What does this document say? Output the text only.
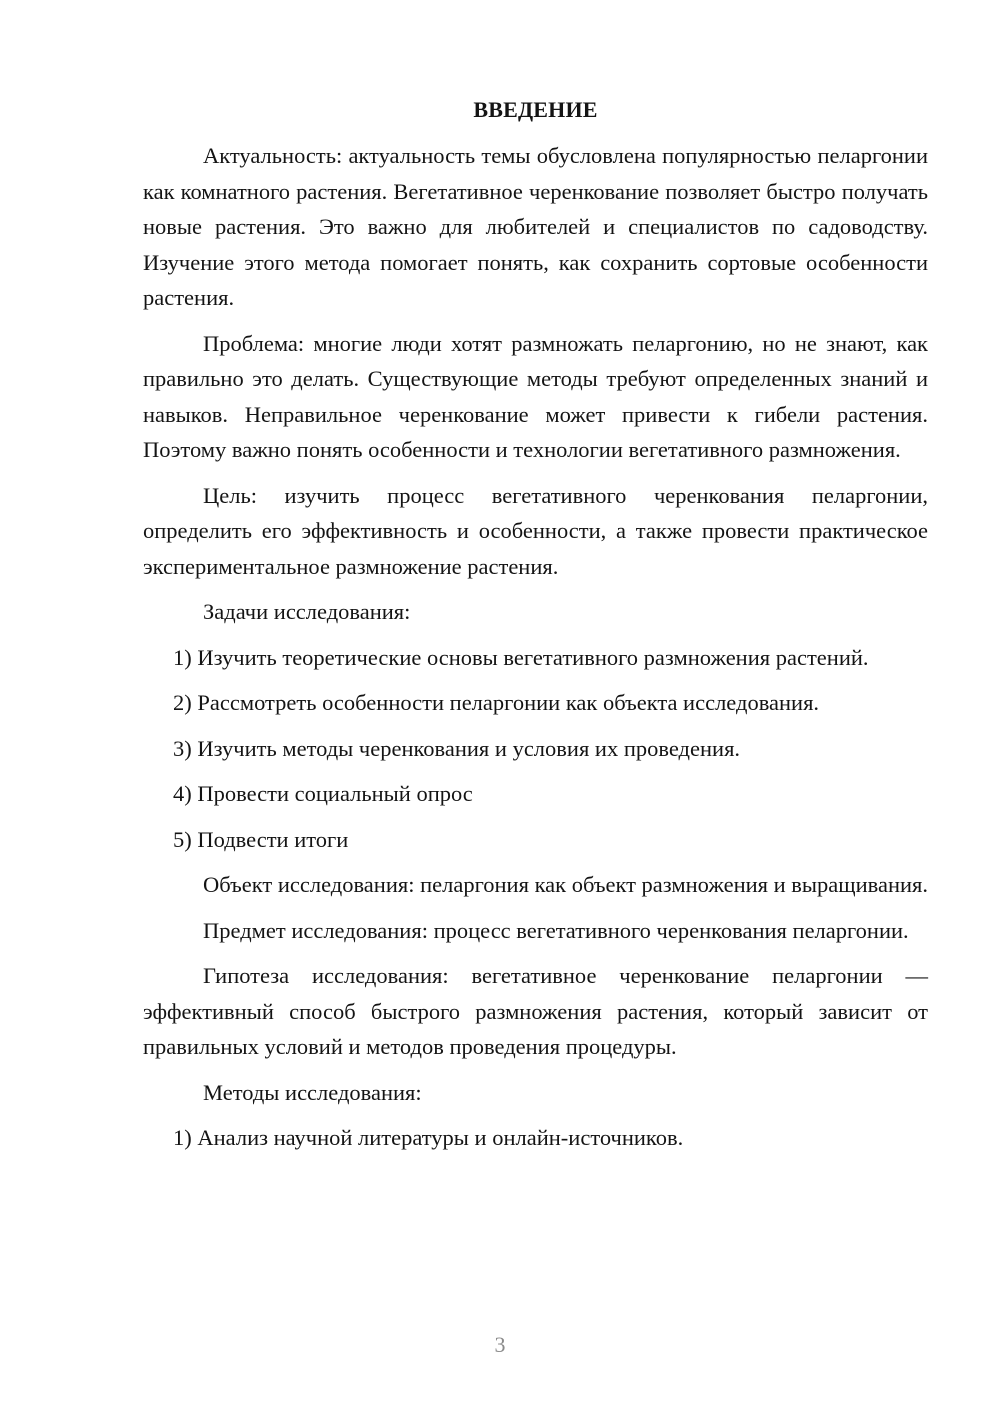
ВВЕДЕНИЕ

Актуальность: актуальность темы обусловлена популярностью пеларгонии как комнатного растения. Вегетативное черенкование позволяет быстро получать новые растения. Это важно для любителей и специалистов по садоводству. Изучение этого метода помогает понять, как сохранить сортовые особенности растения.

Проблема: многие люди хотят размножать пеларгонию, но не знают, как правильно это делать. Существующие методы требуют определенных знаний и навыков. Неправильное черенкование может привести к гибели растения. Поэтому важно понять особенности и технологии вегетативного размножения.

Цель: изучить процесс вегетативного черенкования пеларгонии, определить его эффективность и особенности, а также провести практическое экспериментальное размножение растения.

Задачи исследования:

1) Изучить теоретические основы вегетативного размножения растений.

2) Рассмотреть особенности пеларгонии как объекта исследования.

3) Изучить методы черенкования и условия их проведения.

4) Провести социальный опрос

5) Подвести итоги

Объект исследования: пеларгония как объект размножения и выращивания.

Предмет исследования: процесс вегетативного черенкования пеларгонии.

Гипотеза исследования: вегетативное черенкование пеларгонии — эффективный способ быстрого размножения растения, который зависит от правильных условий и методов проведения процедуры.

Методы исследования:

1) Анализ научной литературы и онлайн-источников.

3
